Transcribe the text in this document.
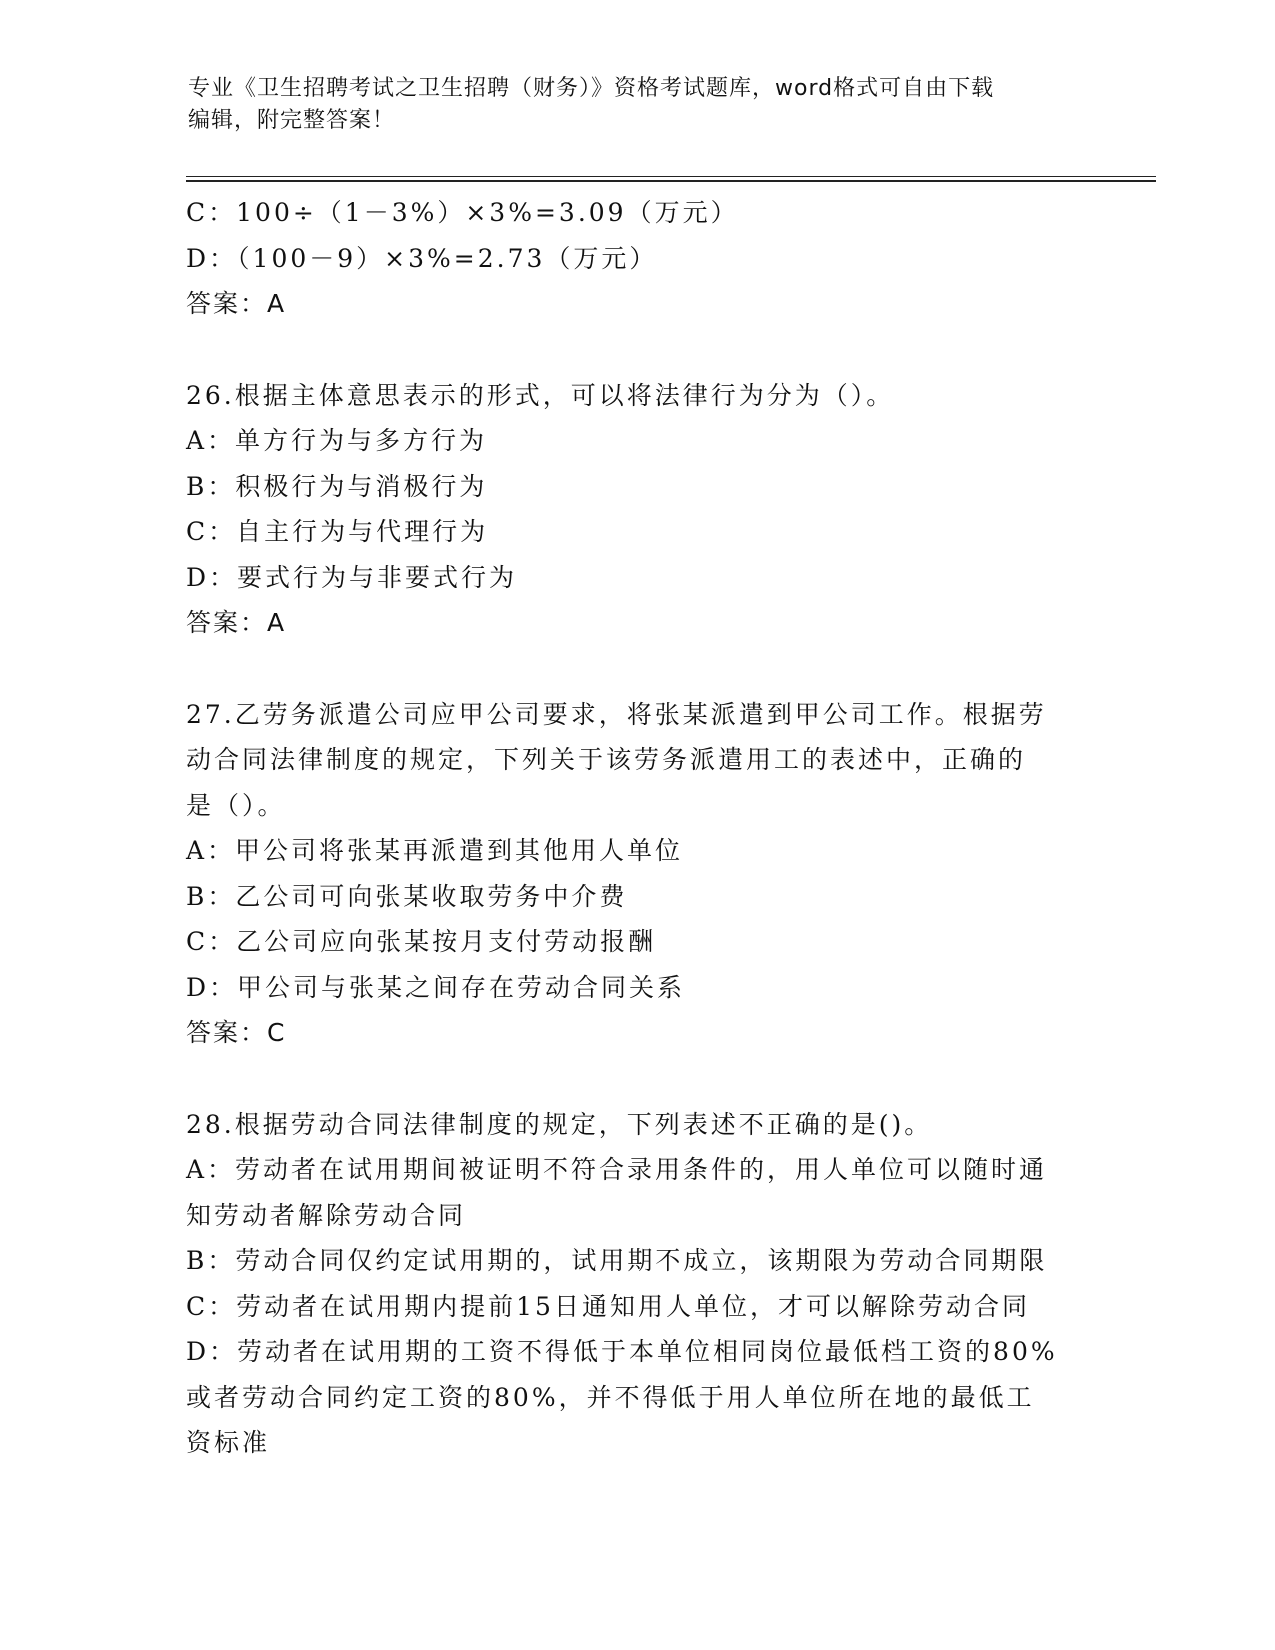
专业《卫生招聘考试之卫生招聘（财务）》资格考试题库，word格式可自由下载
编辑，附完整答案！
C：100÷（1－3%）×3%=3.09（万元）
D：（100－9）×3%=2.73（万元）
答案：A
26.根据主体意思表示的形式，可以将法律行为分为（）。
A：单方行为与多方行为
B：积极行为与消极行为
C：自主行为与代理行为
D：要式行为与非要式行为
答案：A
27.乙劳务派遣公司应甲公司要求，将张某派遣到甲公司工作。根据劳
动合同法律制度的规定，下列关于该劳务派遣用工的表述中，正确的
是（）。
A：甲公司将张某再派遣到其他用人单位
B：乙公司可向张某收取劳务中介费
C：乙公司应向张某按月支付劳动报酬
D：甲公司与张某之间存在劳动合同关系
答案：C
28.根据劳动合同法律制度的规定，下列表述不正确的是()。
A：劳动者在试用期间被证明不符合录用条件的，用人单位可以随时通
知劳动者解除劳动合同
B：劳动合同仅约定试用期的，试用期不成立，该期限为劳动合同期限
C：劳动者在试用期内提前15日通知用人单位，才可以解除劳动合同
D：劳动者在试用期的工资不得低于本单位相同岗位最低档工资的80%
或者劳动合同约定工资的80%，并不得低于用人单位所在地的最低工
资标准
